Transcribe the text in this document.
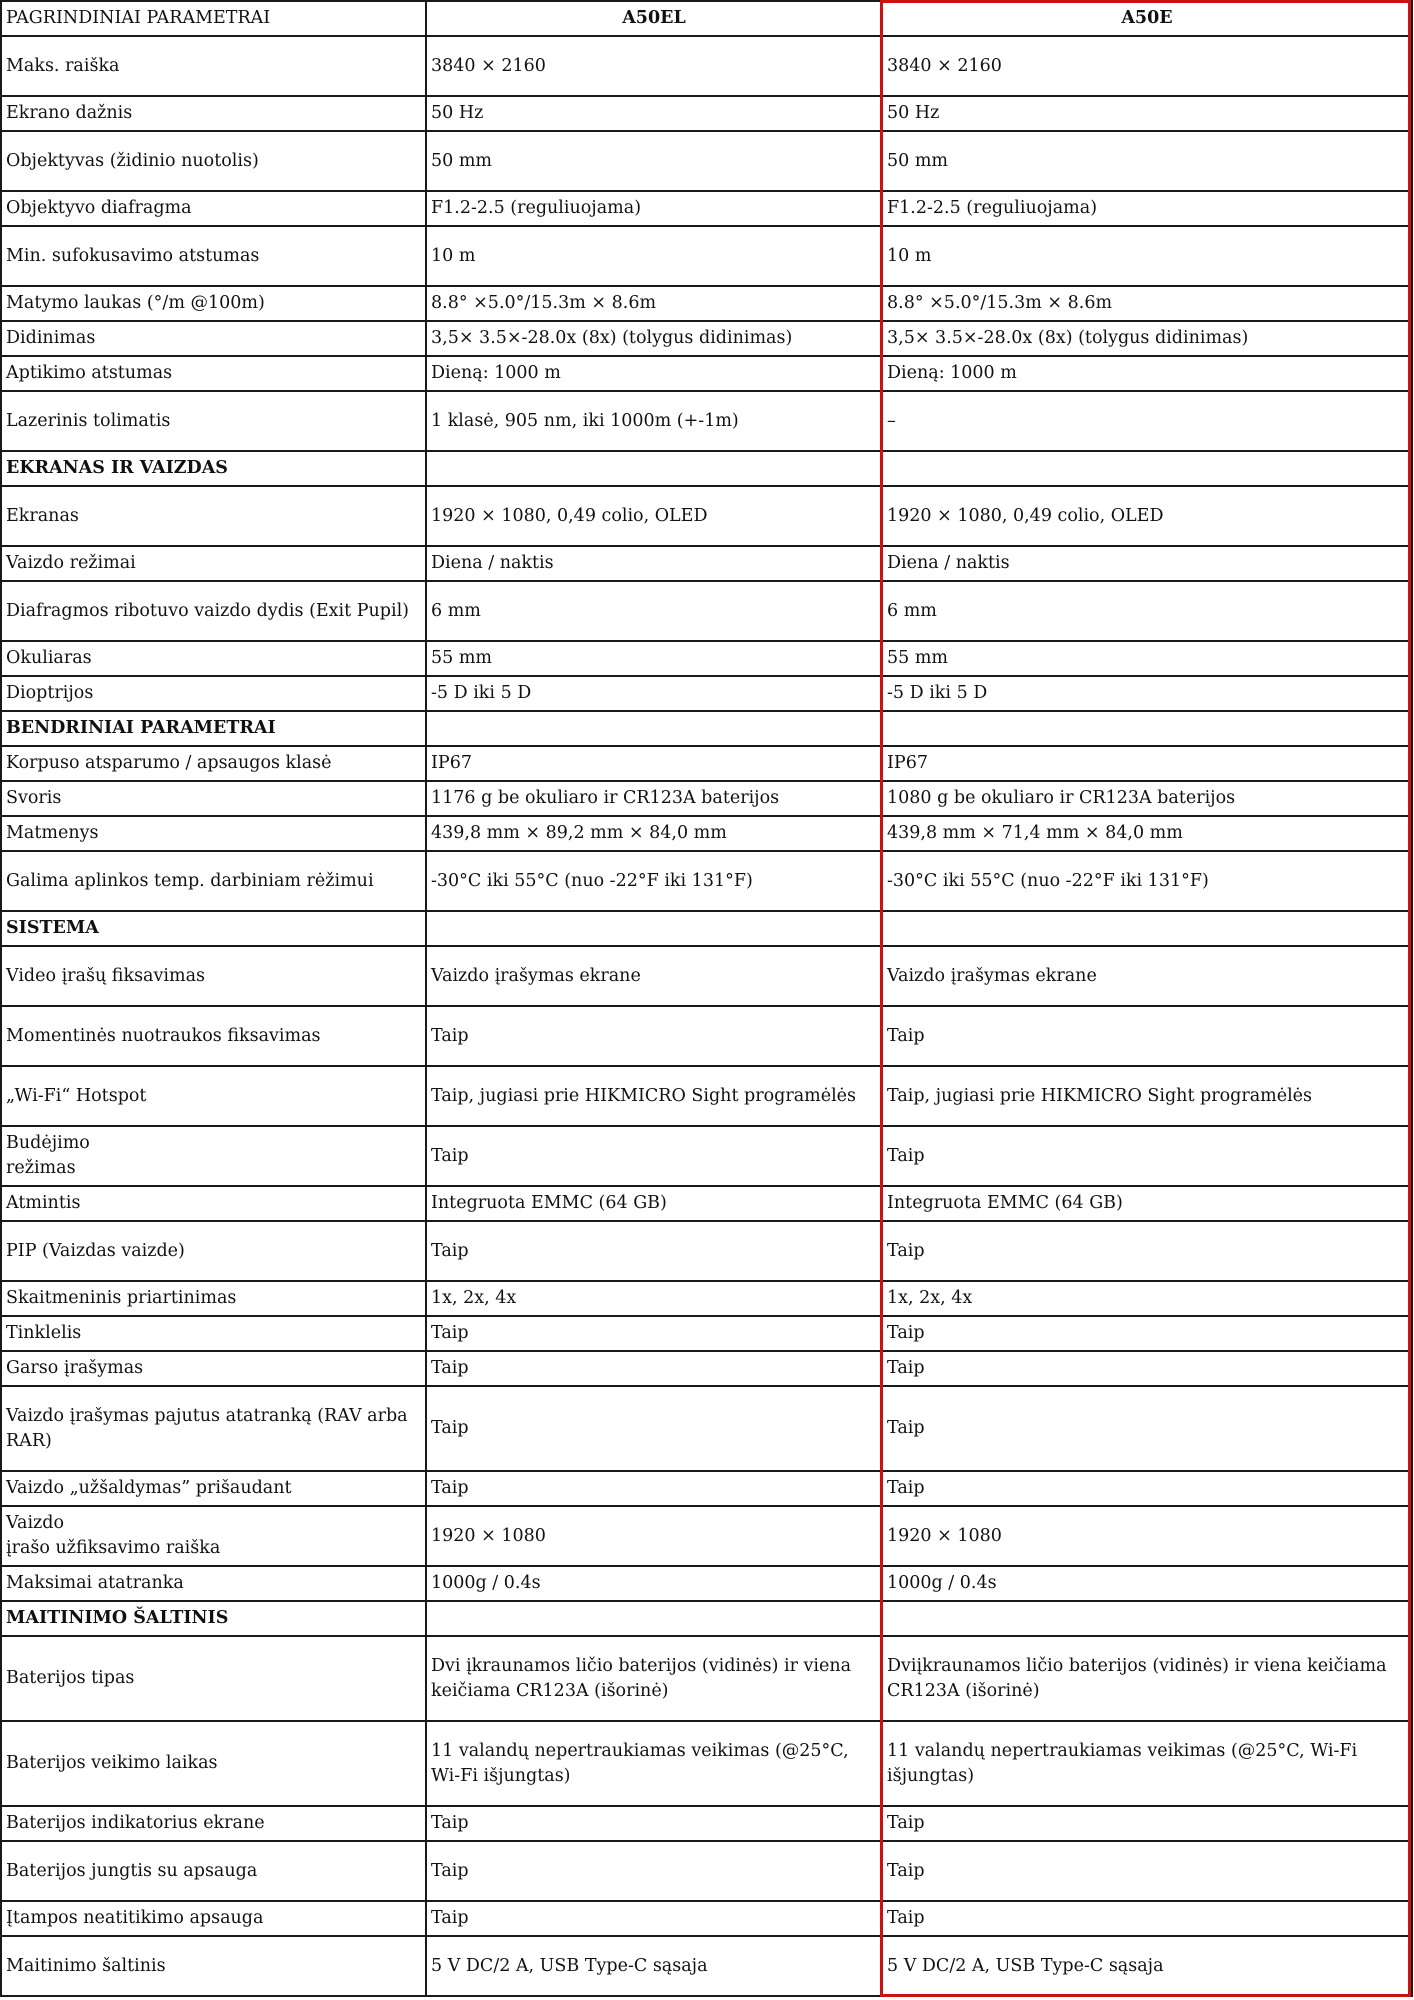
PAGRINDINIAI PARAMETRAI	A50EL	A50E
Maks. raiška	3840 × 2160	3840 × 2160
Ekrano dažnis	50 Hz	50 Hz
Objektyvas (židinio nuotolis)	50 mm	50 mm
Objektyvo diafragma	F1.2-2.5 (reguliuojama)	F1.2-2.5 (reguliuojama)
Min. sufokusavimo atstumas	10 m	10 m
Matymo laukas (°/m @100m)	8.8° ×5.0°/15.3m × 8.6m	8.8° ×5.0°/15.3m × 8.6m
Didinimas	3,5× 3.5×-28.0x (8x) (tolygus didinimas)	3,5× 3.5×-28.0x (8x) (tolygus didinimas)
Aptikimo atstumas	Dieną: 1000 m	Dieną: 1000 m
Lazerinis tolimatis	1 klasė, 905 nm, iki 1000m (+-1m)	–
EKRANAS IR VAIZDAS		
Ekranas	1920 × 1080, 0,49 colio, OLED	1920 × 1080, 0,49 colio, OLED
Vaizdo režimai	Diena / naktis	Diena / naktis
Diafragmos ribotuvo vaizdo dydis (Exit Pupil)	6 mm	6 mm
Okuliaras	55 mm	55 mm
Dioptrijos	-5 D iki 5 D	-5 D iki 5 D
BENDRINIAI PARAMETRAI		
Korpuso atsparumo / apsaugos klasė	IP67	IP67
Svoris	1176 g be okuliaro ir CR123A baterijos	1080 g be okuliaro ir CR123A baterijos
Matmenys	439,8 mm × 89,2 mm × 84,0 mm	439,8 mm × 71,4 mm × 84,0 mm
Galima aplinkos temp. darbiniam rėžimui	-30°C iki 55°C (nuo -22°F iki 131°F)	-30°C iki 55°C (nuo -22°F iki 131°F)
SISTEMA		
Video įrašų fiksavimas	Vaizdo įrašymas ekrane	Vaizdo įrašymas ekrane
Momentinės nuotraukos fiksavimas	Taip	Taip
„Wi-Fi“ Hotspot	Taip, jugiasi prie HIKMICRO Sight programėlės	Taip, jugiasi prie HIKMICRO Sight programėlės
Budėjimo
režimas	Taip	Taip
Atmintis	Integruota EMMC (64 GB)	Integruota EMMC (64 GB)
PIP (Vaizdas vaizde)	Taip	Taip
Skaitmeninis priartinimas	1x, 2x, 4x	1x, 2x, 4x
Tinklelis	Taip	Taip
Garso įrašymas	Taip	Taip
Vaizdo įrašymas pajutus atatranką (RAV arba RAR)	Taip	Taip
Vaizdo „užšaldymas” prišaudant	Taip	Taip
Vaizdo
įrašo užfiksavimo raiška	1920 × 1080	1920 × 1080
Maksimai atatranka	1000g / 0.4s	1000g / 0.4s
MAITINIMO ŠALTINIS		
Baterijos tipas	Dvi įkraunamos ličio baterijos (vidinės) ir viena keičiama CR123A (išorinė)	Dviįkraunamos ličio baterijos (vidinės) ir viena keičiama CR123A (išorinė)
Baterijos veikimo laikas	11 valandų nepertraukiamas veikimas (@25°C, Wi-Fi išjungtas)	11 valandų nepertraukiamas veikimas (@25°C, Wi-Fi išjungtas)
Baterijos indikatorius ekrane	Taip	Taip
Baterijos jungtis su apsauga	Taip	Taip
Įtampos neatitikimo apsauga	Taip	Taip
Maitinimo šaltinis	5 V DC/2 A, USB Type-C sąsaja	5 V DC/2 A, USB Type-C sąsaja
